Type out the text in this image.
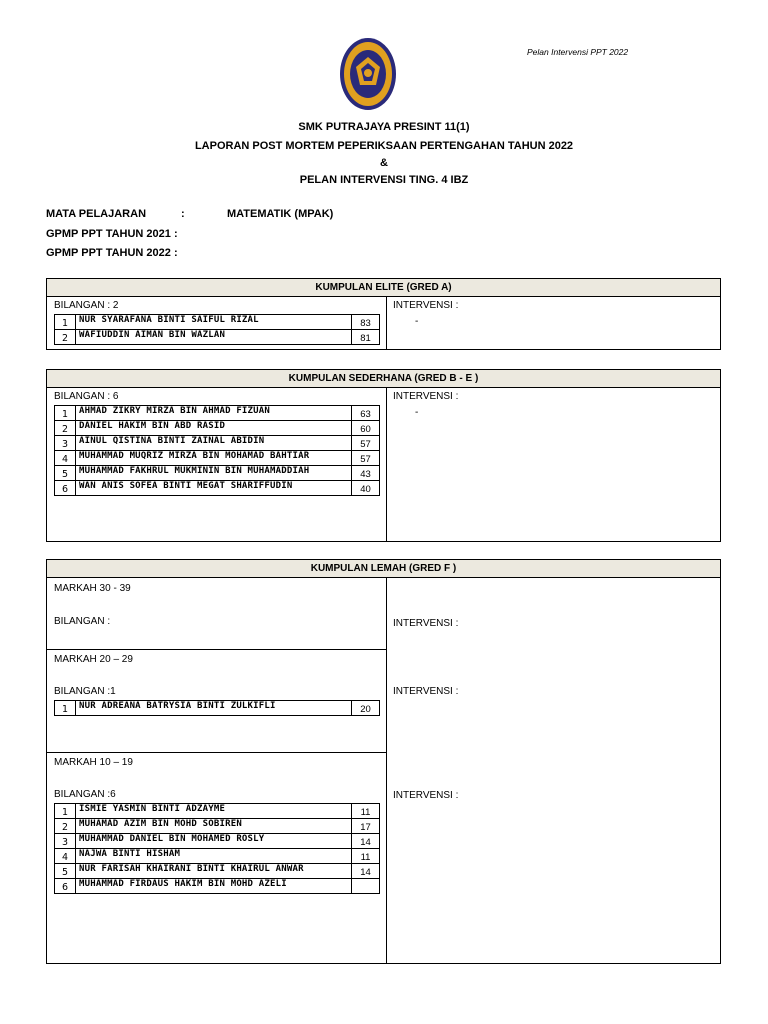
Pelan Intervensi PPT 2022
SMK PUTRAJAYA PRESINT 11(1)
LAPORAN POST MORTEM PEPERIKSAAN PERTENGAHAN TAHUN 2022
&
PELAN INTERVENSI TING. 4 IBZ
MATA PELAJARAN	:	MATEMATIK (MPAK)
GPMP PPT TAHUN 2021 :
GPMP PPT TAHUN 2022 :
KUMPULAN ELITE (GRED A)
BILANGAN : 2
1	NUR SYARAFANA BINTI SAIFUL RIZAL	83
2	WAFIUDDIN AIMAN BIN WAZLAN	81
INTERVENSI :
-
KUMPULAN SEDERHANA (GRED B - E )
BILANGAN : 6
1	AHMAD ZIKRY MIRZA BIN AHMAD FIZUAN	63
2	DANIEL HAKIM BIN ABD RASID	60
3	AINUL QISTINA BINTI ZAINAL ABIDIN	57
4	MUHAMMAD MUQRIZ MIRZA BIN MOHAMAD BAHTIAR	57
5	MUHAMMAD FAKHRUL MUKMININ BIN MUHAMADDIAH	43
6	WAN ANIS SOFEA BINTI MEGAT SHARIFFUDIN	40
INTERVENSI :
-
KUMPULAN LEMAH (GRED F )
MARKAH 30 - 39
BILANGAN :	INTERVENSI :
MARKAH 20 – 29
BILANGAN :1	INTERVENSI :
1	NUR ADREANA BATRYSIA BINTI ZULKIFLI	20
MARKAH 10 – 19
BILANGAN :6	INTERVENSI :
1	ISMIE YASMIN BINTI ADZAYME	11
2	MUHAMAD AZIM BIN MOHD SOBIREN	17
3	MUHAMMAD DANIEL BIN MOHAMED ROSLY	14
4	NAJWA BINTI HISHAM	11
5	NUR FARISAH KHAIRANI BINTI KHAIRUL ANWAR	14
6	MUHAMMAD FIRDAUS HAKIM BIN MOHD AZELI	
